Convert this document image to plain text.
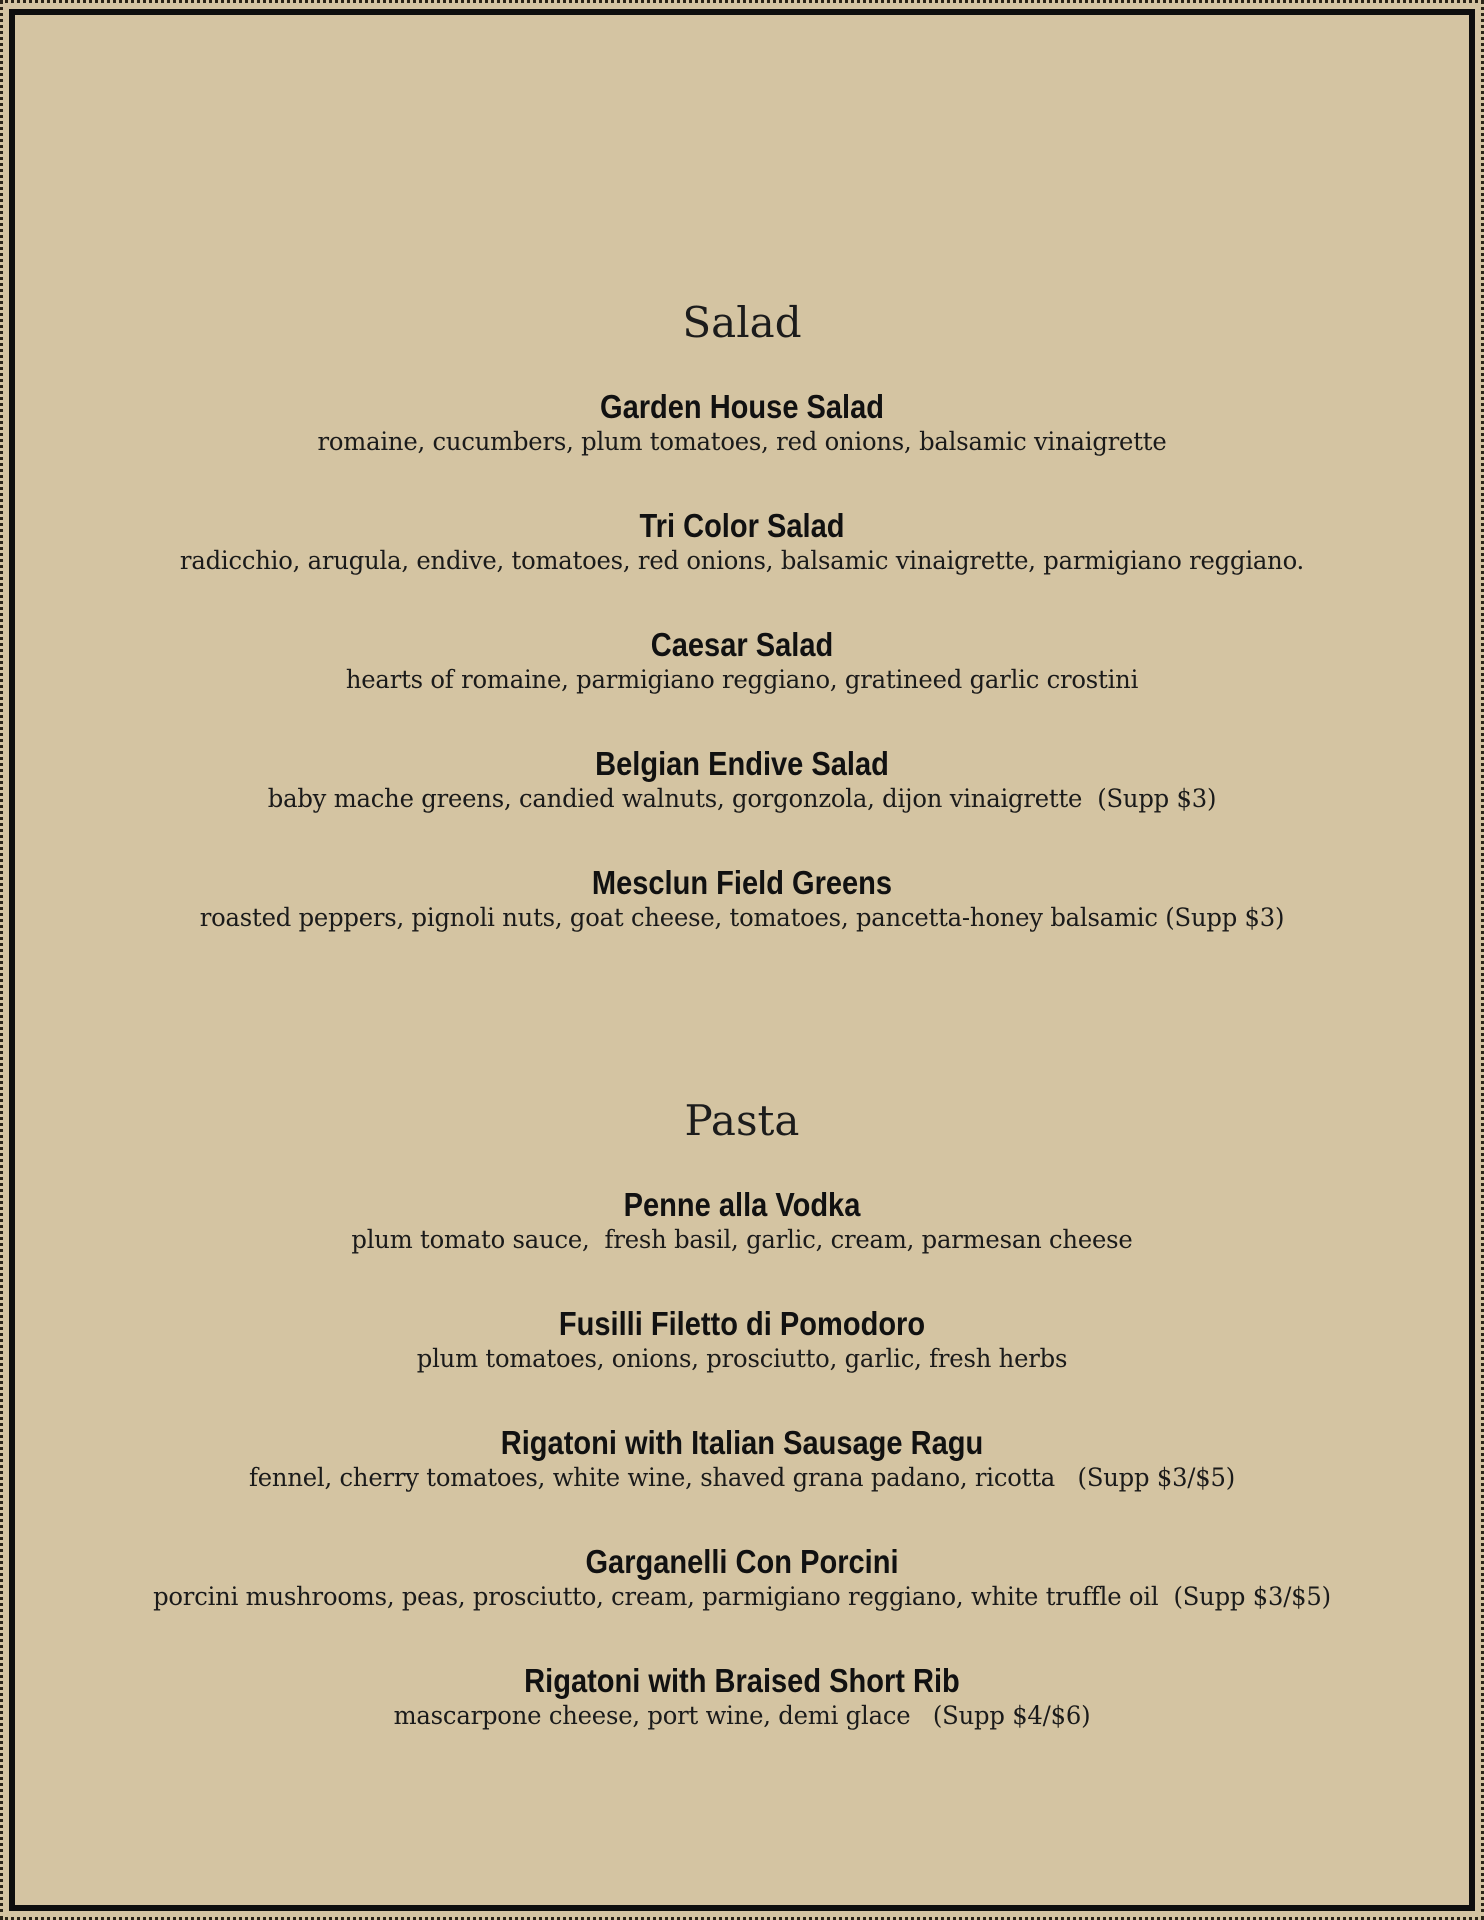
Salad
Garden House Salad
romaine, cucumbers, plum tomatoes, red onions, balsamic vinaigrette
Tri Color Salad
radicchio, arugula, endive, tomatoes, red onions, balsamic vinaigrette, parmigiano reggiano.
Caesar Salad
hearts of romaine, parmigiano reggiano, gratineed garlic crostini
Belgian Endive Salad
baby mache greens, candied walnuts, gorgonzola, dijon vinaigrette  (Supp $3)
Mesclun Field Greens
roasted peppers, pignoli nuts, goat cheese, tomatoes, pancetta-honey balsamic (Supp $3)
Pasta
Penne alla Vodka
plum tomato sauce,  fresh basil, garlic, cream, parmesan cheese
Fusilli Filetto di Pomodoro
plum tomatoes, onions, prosciutto, garlic, fresh herbs
Rigatoni with Italian Sausage Ragu
fennel, cherry tomatoes, white wine, shaved grana padano, ricotta   (Supp $3/$5)
Garganelli Con Porcini
porcini mushrooms, peas, prosciutto, cream, parmigiano reggiano, white truffle oil  (Supp $3/$5)
Rigatoni with Braised Short Rib
mascarpone cheese, port wine, demi glace   (Supp $4/$6)
